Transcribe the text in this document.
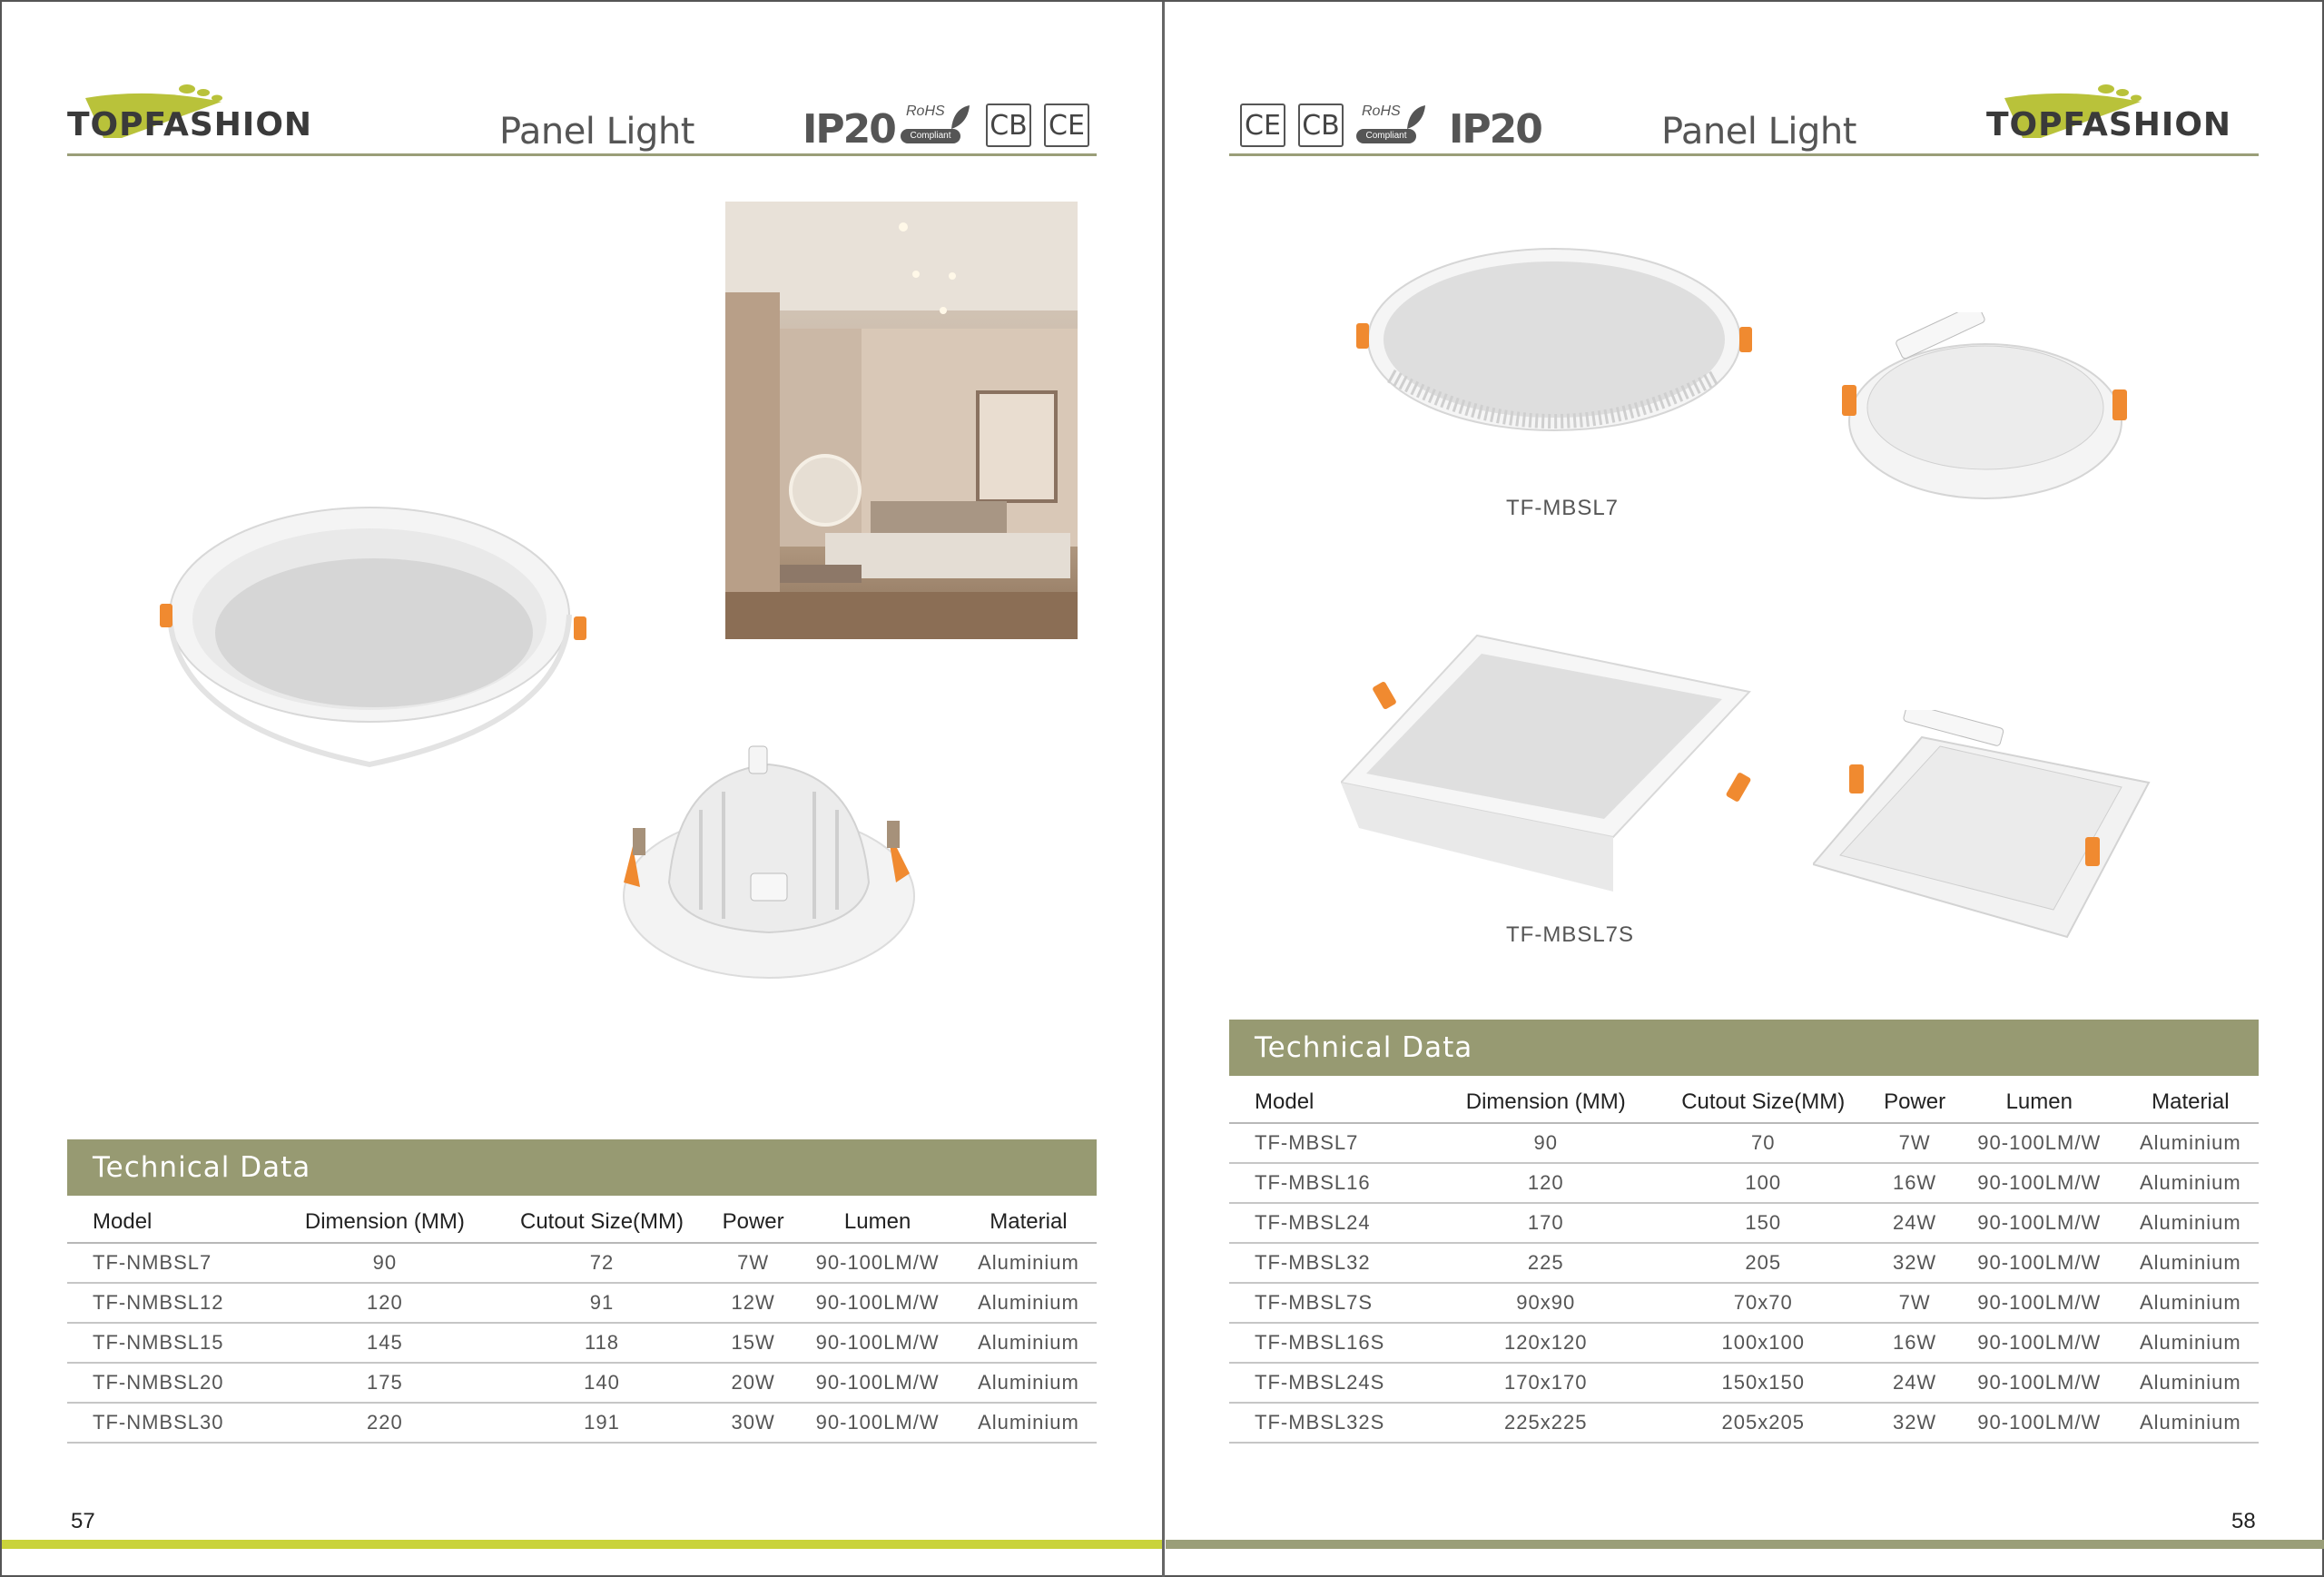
TOPFASHION	Panel Light	IP20 RoHS
Compliant	CB CE
Technical Data
Model	Dimension (MM)	Cutout Size(MM)	Power	Lumen	Material
TF-NMBSL7	90	72	7W	90-100LM/W	Aluminium
TF-NMBSL12	120	91	12W	90-100LM/W	Aluminium
TF-NMBSL15	145	118	15W	90-100LM/W	Aluminium
TF-NMBSL20	175	140	20W	90-100LM/W	Aluminium
TF-NMBSL30	220	191	30W	90-100LM/W	Aluminium
57
CE CB RoHS
Compliant IP20	Panel Light	TOPFASHION
TF-MBSL7
TF-MBSL7S
Technical Data
Model	Dimension (MM)	Cutout Size(MM)	Power	Lumen	Material
TF-MBSL7	90	70	7W	90-100LM/W	Aluminium
TF-MBSL16	120	100	16W	90-100LM/W	Aluminium
TF-MBSL24	170	150	24W	90-100LM/W	Aluminium
TF-MBSL32	225	205	32W	90-100LM/W	Aluminium
TF-MBSL7S	90x90	70x70	7W	90-100LM/W	Aluminium
TF-MBSL16S	120x120	100x100	16W	90-100LM/W	Aluminium
TF-MBSL24S	170x170	150x150	24W	90-100LM/W	Aluminium
TF-MBSL32S	225x225	205x205	32W	90-100LM/W	Aluminium
58
